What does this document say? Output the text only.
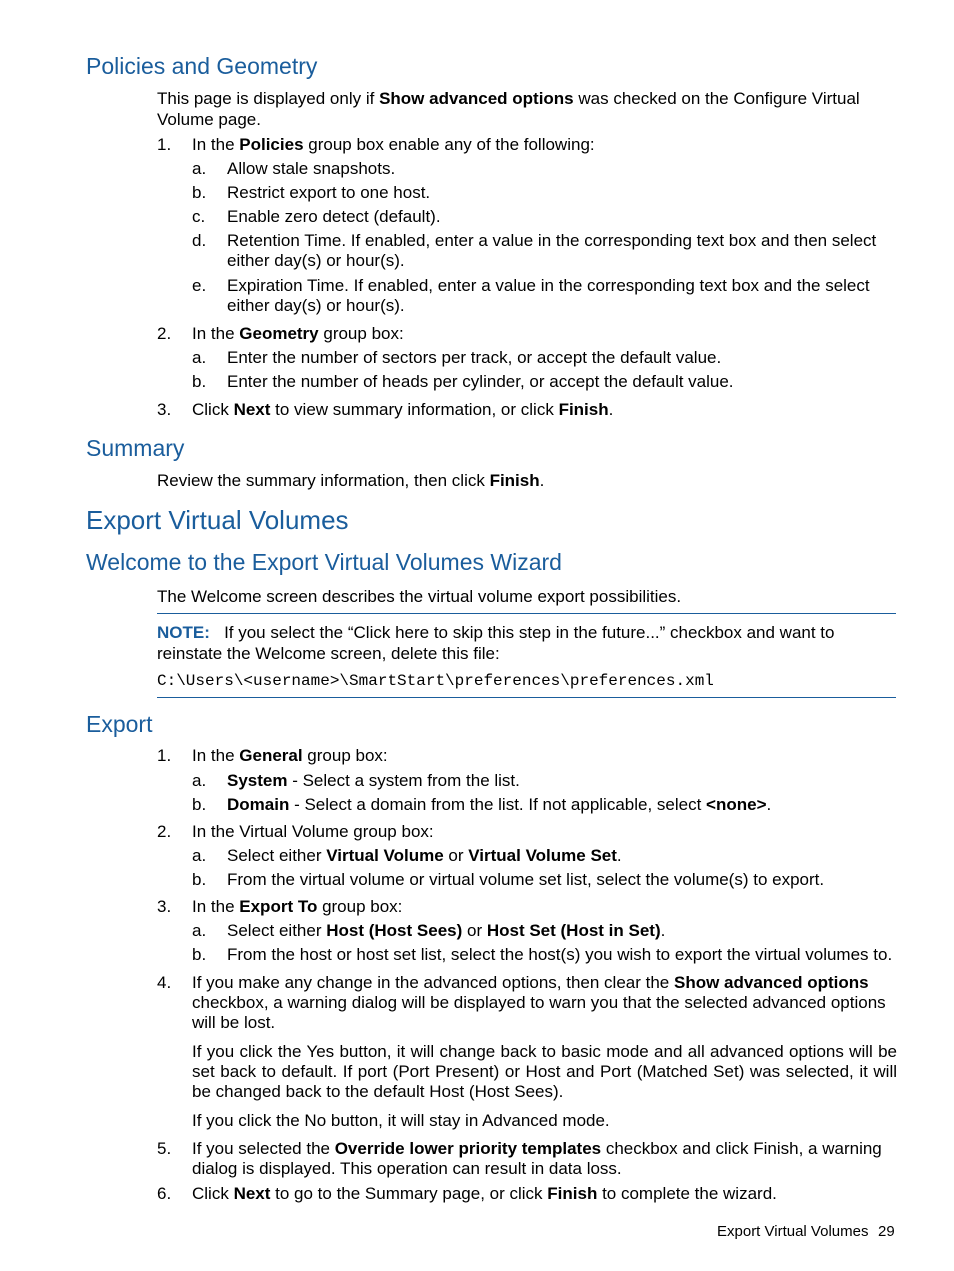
Policies and Geometry

This page is displayed only if Show advanced options was checked on the Configure Virtual Volume page.

1. In the Policies group box enable any of the following:
a. Allow stale snapshots.
b. Restrict export to one host.
c. Enable zero detect (default).
d. Retention Time. If enabled, enter a value in the corresponding text box and then select either day(s) or hour(s).
e. Expiration Time. If enabled, enter a value in the corresponding text box and the select either day(s) or hour(s).
2. In the Geometry group box:
a. Enter the number of sectors per track, or accept the default value.
b. Enter the number of heads per cylinder, or accept the default value.
3. Click Next to view summary information, or click Finish.
Summary

Review the summary information, then click Finish.

Export Virtual Volumes
Welcome to the Export Virtual Volumes Wizard

The Welcome screen describes the virtual volume export possibilities.

NOTE: If you select the “Click here to skip this step in the future...” checkbox and want to reinstate the Welcome screen, delete this file:

C:\Users\<username>\SmartStart\preferences\preferences.xml

Export
1. In the General group box:
a. System - Select a system from the list.
b. Domain - Select a domain from the list. If not applicable, select <none>.
2. In the Virtual Volume group box:
a. Select either Virtual Volume or Virtual Volume Set.
b. From the virtual volume or virtual volume set list, select the volume(s) to export.
3. In the Export To group box:
a. Select either Host (Host Sees) or Host Set (Host in Set).
b. From the host or host set list, select the host(s) you wish to export the virtual volumes to.
4. If you make any change in the advanced options, then clear the Show advanced options checkbox, a warning dialog will be displayed to warn you that the selected advanced options will be lost.

If you click the Yes button, it will change back to basic mode and all advanced options will be set back to default. If port (Port Present) or Host and Port (Matched Set) was selected, it will be changed back to the default Host (Host Sees).

If you click the No button, it will stay in Advanced mode.

5. If you selected the Override lower priority templates checkbox and click Finish, a warning dialog is displayed. This operation can result in data loss.
6. Click Next to go to the Summary page, or click Finish to complete the wizard.
Export Virtual Volumes 29
